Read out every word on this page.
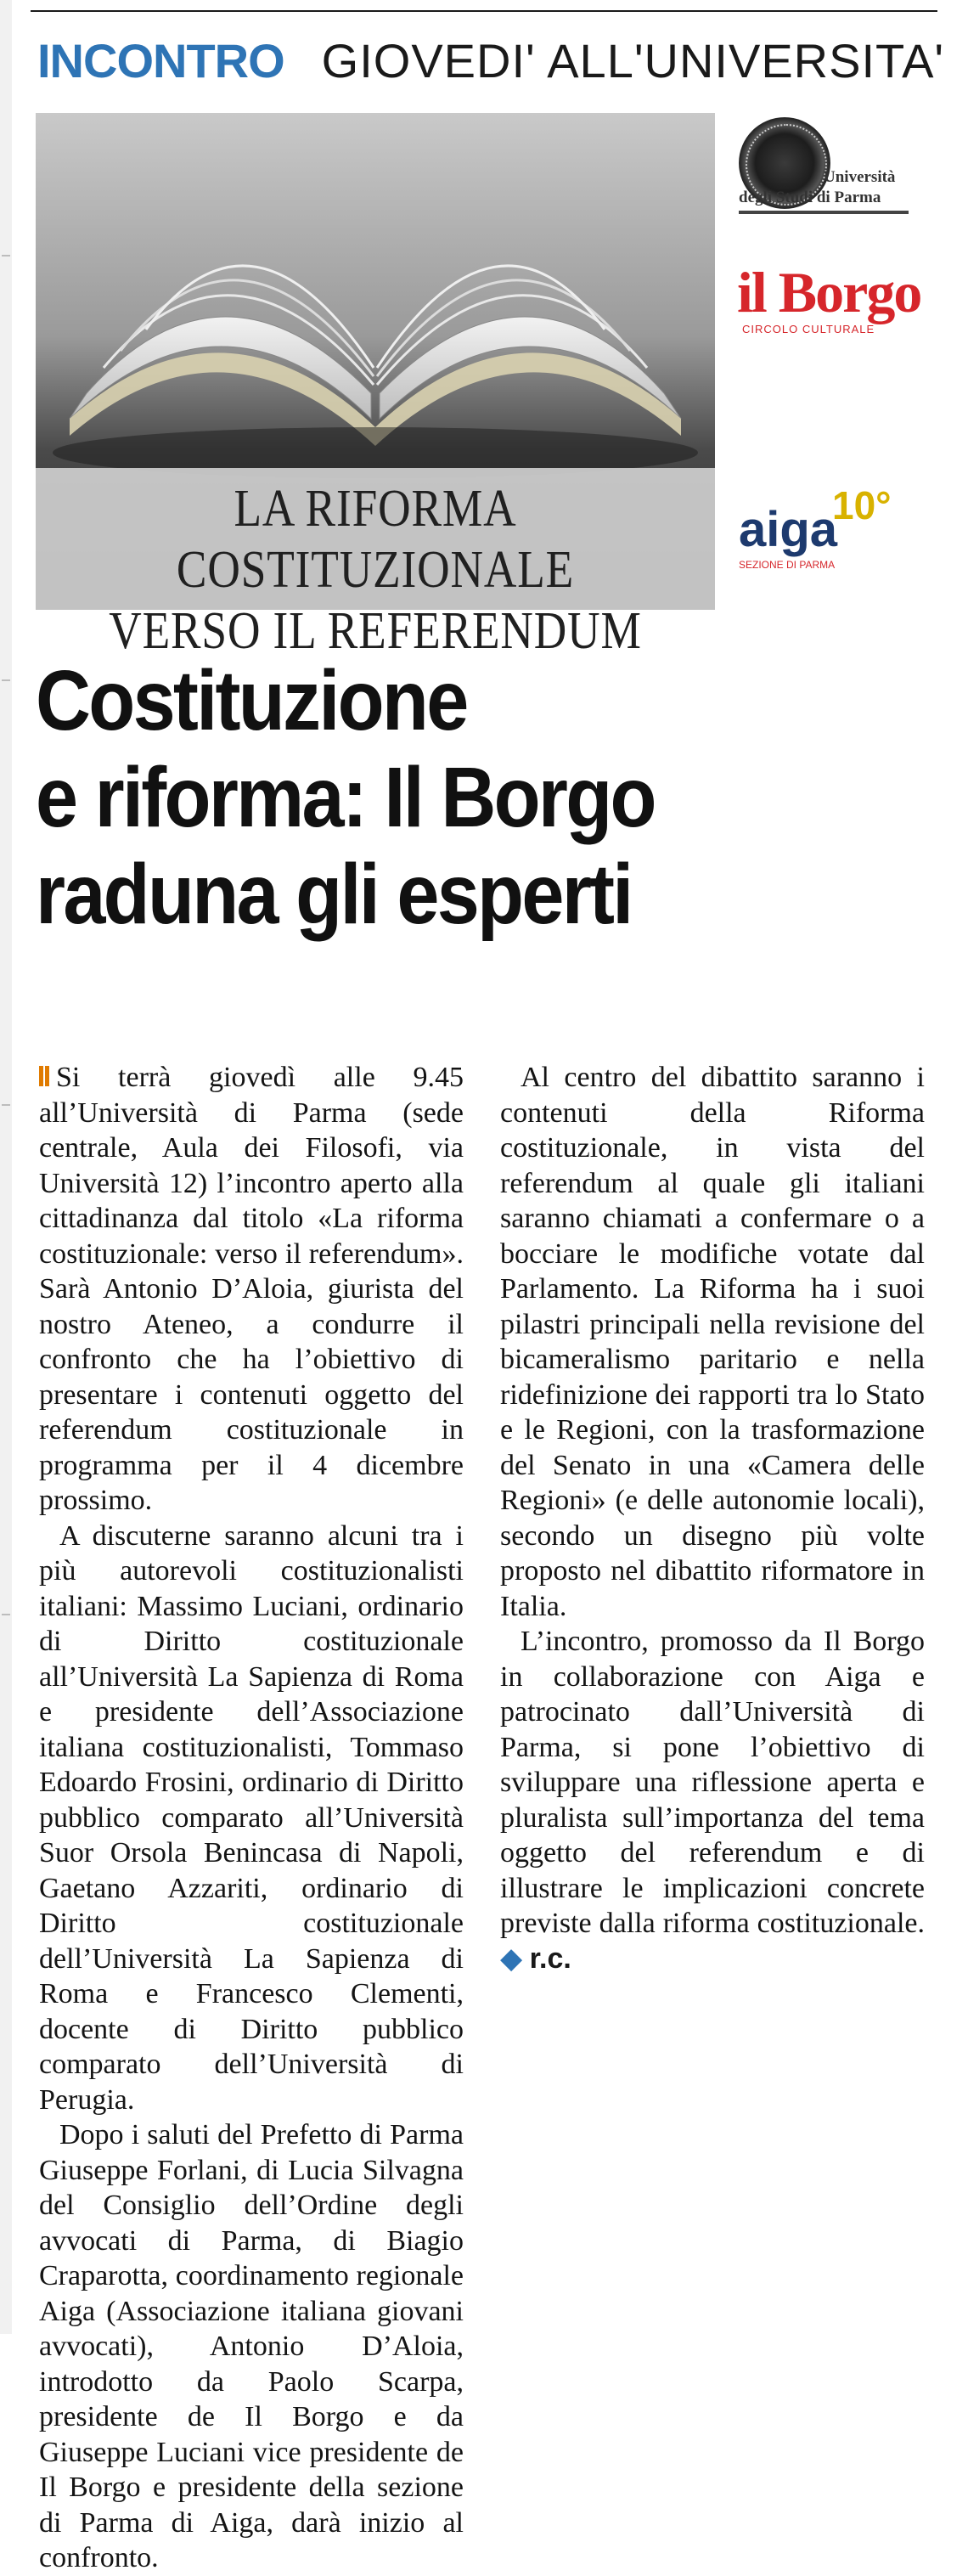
INCONTRO GIOVEDI' ALL'UNIVERSITA'
LA RIFORMA COSTITUZIONALE
VERSO IL REFERENDUM
Università
degli Studi di Parma
il Borgo
CIRCOLO CULTURALE
aiga
10°
SEZIONE DI PARMA
Costituzione
e riforma: Il Borgo
raduna gli esperti

Si terrà giovedì alle 9.45 all’Università di Parma (sede centrale, Aula dei Filosofi, via Università 12) l’incontro aperto alla cittadinanza dal titolo «La riforma costituzionale: verso il referendum». Sarà Antonio D’Aloia, giurista del nostro Ateneo, a condurre il confronto che ha l’obiettivo di presentare i contenuti oggetto del referendum costituzionale in programma per il 4 dicembre prossimo.

A discuterne saranno alcuni tra i più autorevoli costituzionalisti italiani: Massimo Luciani, ordinario di Diritto costituzionale all’Università La Sapienza di Roma e presidente dell’Associazione italiana costituzionalisti, Tommaso Edoardo Frosini, ordinario di Diritto pubblico comparato all’Università Suor Orsola Benincasa di Napoli, Gaetano Azzariti, ordinario di Diritto costituzionale dell’Università La Sapienza di Roma e Francesco Clementi, docente di Diritto pubblico comparato dell’Università di Perugia.

Dopo i saluti del Prefetto di Parma Giuseppe Forlani, di Lucia Silvagna del Consiglio dell’Ordine degli avvocati di Parma, di Biagio Craparotta, coordinamento regionale Aiga (Associazione italiana giovani avvocati), Antonio D’Aloia, introdotto da Paolo Scarpa, presidente de Il Borgo e da Giuseppe Luciani vice presidente de Il Borgo e presidente della sezione di Parma di Aiga, darà inizio al confronto.

Al centro del dibattito saranno i contenuti della Riforma costituzionale, in vista del referendum al quale gli italiani saranno chiamati a confermare o a bocciare le modifiche votate dal Parlamento. La Riforma ha i suoi pilastri principali nella revisione del bicameralismo paritario e nella ridefinizione dei rapporti tra lo Stato e le Regioni, con la trasformazione del Senato in una «Camera delle Regioni» (e delle autonomie locali), secondo un disegno più volte proposto nel dibattito riformatore in Italia.

L’incontro, promosso da Il Borgo in collaborazione con Aiga e patrocinato dall’Università di Parma, si pone l’obiettivo di sviluppare una riflessione aperta e pluralista sull’importanza del tema oggetto del referendum e di illustrare le implicazioni concrete previste dalla riforma costituzionale. ◆ r.c.
